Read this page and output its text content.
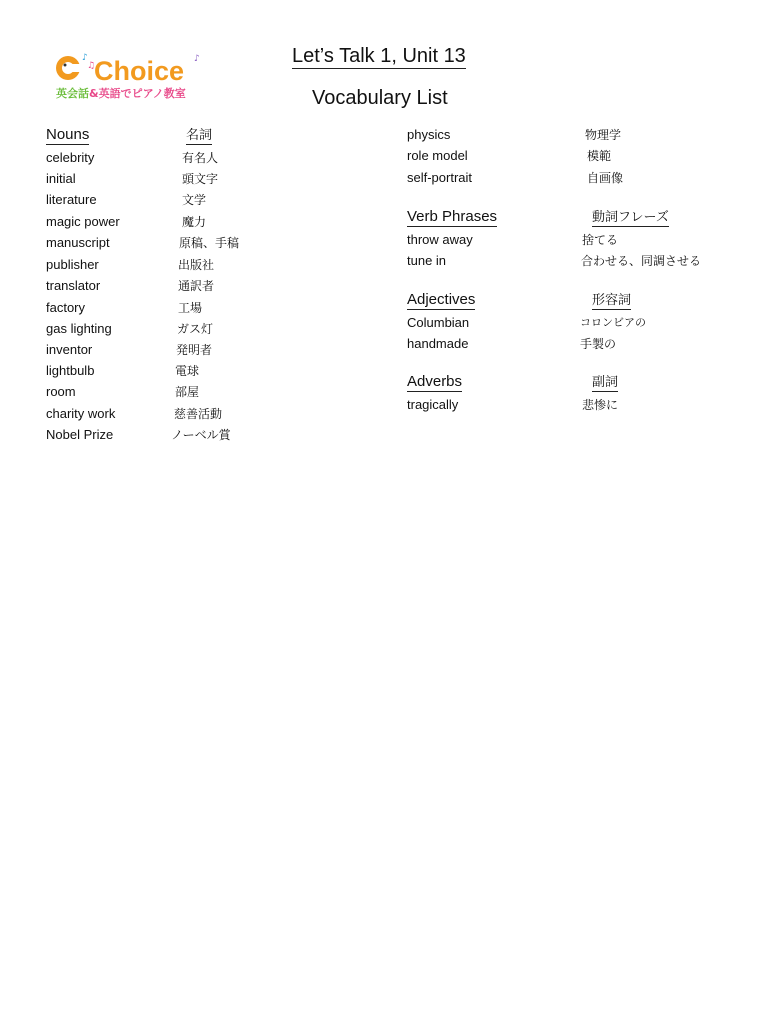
♪
♫
♪
Choice
英会話&英語でピアノ教室
Let’s Talk 1, Unit 13
Vocabulary List
Nouns	名詞
celebrity	有名人
initial	頭文字
literature	文学
magic power	魔力
manuscript	原稿、手稿
publisher	出版社
translator	通訳者
factory	工場
gas lighting	ガス灯
inventor	発明者
lightbulb	電球
room	部屋
charity work	慈善活動
Nobel Prize	ノーベル賞
physics	物理学
role model	模範
self-portrait	自画像
Verb Phrases	動詞フレーズ
throw away	捨てる
tune in	合わせる、同調させる
Adjectives	形容詞
Columbian	コロンビアの
handmade	手製の
Adverbs	副詞
tragically	悲惨に
